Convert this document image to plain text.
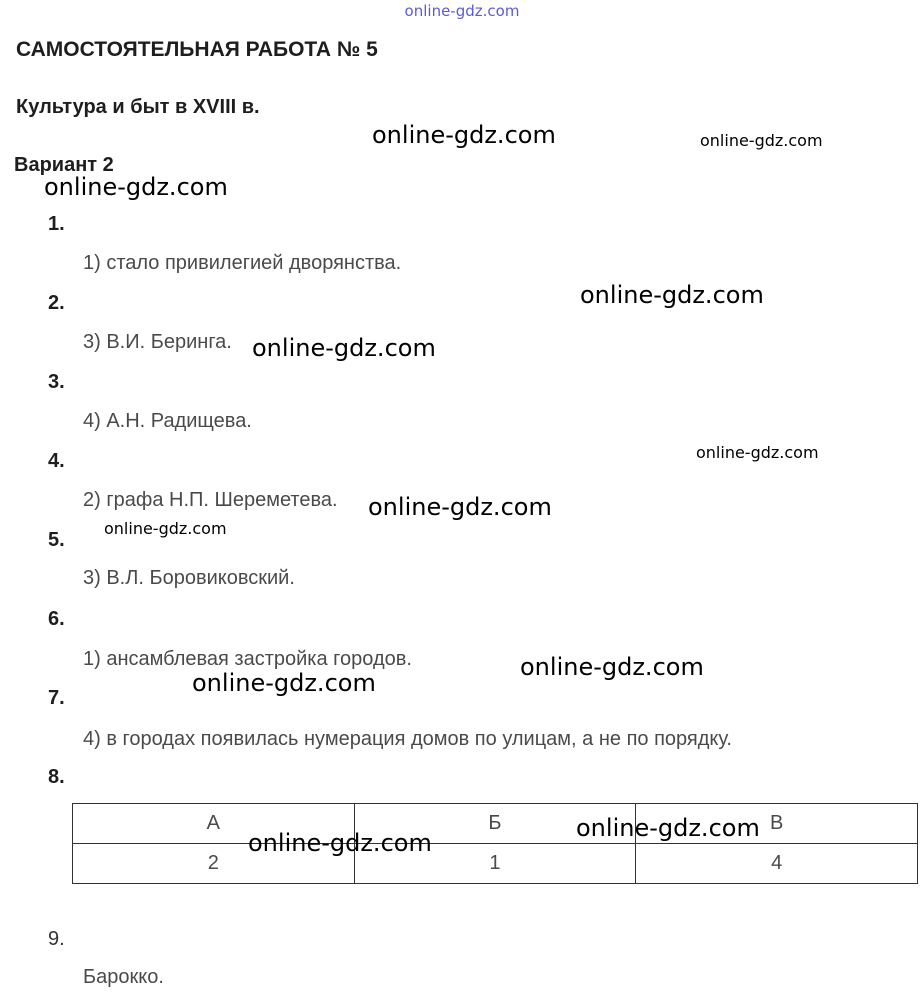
online-gdz.com
САМОСТОЯТЕЛЬНАЯ РАБОТА № 5
Культура и быт в XVIII в.
Вариант 2
1.
1) стало привилегией дворянства.
2.
3) В.И. Беринга.
3.
4) А.Н. Радищева.
4.
2) графа Н.П. Шереметева.
5.
3) В.Л. Боровиковский.
6.
1) ансамблевая застройка городов.
7.
4) в городах появилась нумерация домов по улицам, а не по порядку.
8.
А	Б	В
2	1	4
9.
Барокко.
online-gdz.com	online-gdz.com
online-gdz.com
online-gdz.com
online-gdz.com
online-gdz.com
online-gdz.com
online-gdz.com
online-gdz.com
online-gdz.com
online-gdz.com
online-gdz.com
